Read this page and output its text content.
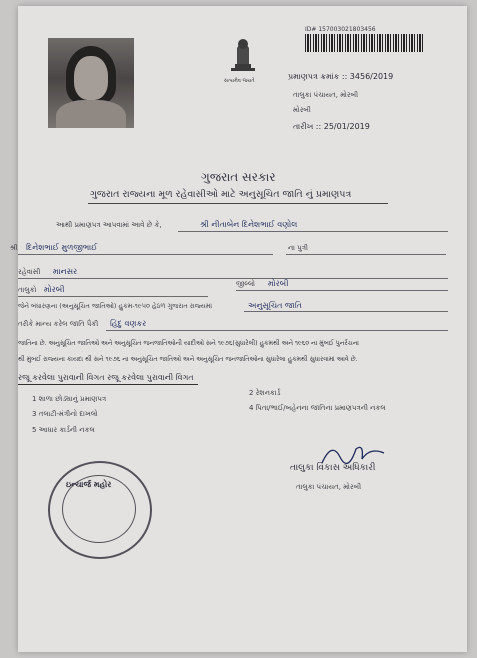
સત્યમેવ જયતે
ID# 157003021803456
પ્રમાણપત્ર ક્રમાંક :: 3456/2019
તાલુકા પંચાયત, મોરબી
મોરબી
તારીખ :: 25/01/2019
ગુજરાત સરકાર
ગુજરાત રાજ્યના મૂળ રહેવાસીઓ માટે અનુસૂચિત જાતિ નું પ્રમાણપત્ર
આથી પ્રમાણપત્ર આપવામાં આવે છે કે,	શ્રી નીતાબેન દિનેશભાઈ વણોલ
શ્રી દિનેશભાઈ મુળજીભાઈ	ના પુત્રી
રહેવાસી માનસર
તાલુકો મોરબી
જીલ્લો મોરબી
જેને બંધારણના (અનુસૂચિત જાતિઓ) હુકમ-૧૯૫૦ હેઠળ ગુજરાત રાજ્યમાં	અનુસૂચિત જાતિ
તરીકે માન્ય કરેલ જાતિ પૈકી હિંદુ વણકર
જાતિના છે. અનુસૂચિત જાતિઓ અને અનુસૂચિત જનજાતિઓની યાદીઓ સને ૧૯૭૬(સુધારેલી) હુકમથી અને ૧૯૬૦ ના મુંબઈ પુનર્રચના
થી મુંબઈ રાજ્યના કાયદા થી સને ૧૯૭૬ ના અનુસૂચિત જાતિઓ અને અનુસૂચિત જનજાતિઓના સુધારેલા હુકમથી સુધારવામાં આવે છે.
રજૂ કરવેલા પુરાવાની વિગત રજૂ કરવેલા પુરાવાની વિગત
1 શાળા છોડ્યાનું પ્રમાણપત્ર
2 રેશનકાર્ડ
3 તલાટી-મંત્રીનો દાખલો
4 પિતા/ભાઈ/બહેનના જાતિના પ્રમાણપત્રની નકલ
5 આધાર કાર્ડની નકલ
તાલુકા વિકાસ અધિકારી
તાલુકા પંચાયત, મોરબી
ઇન્ચાર્જ મહોર
